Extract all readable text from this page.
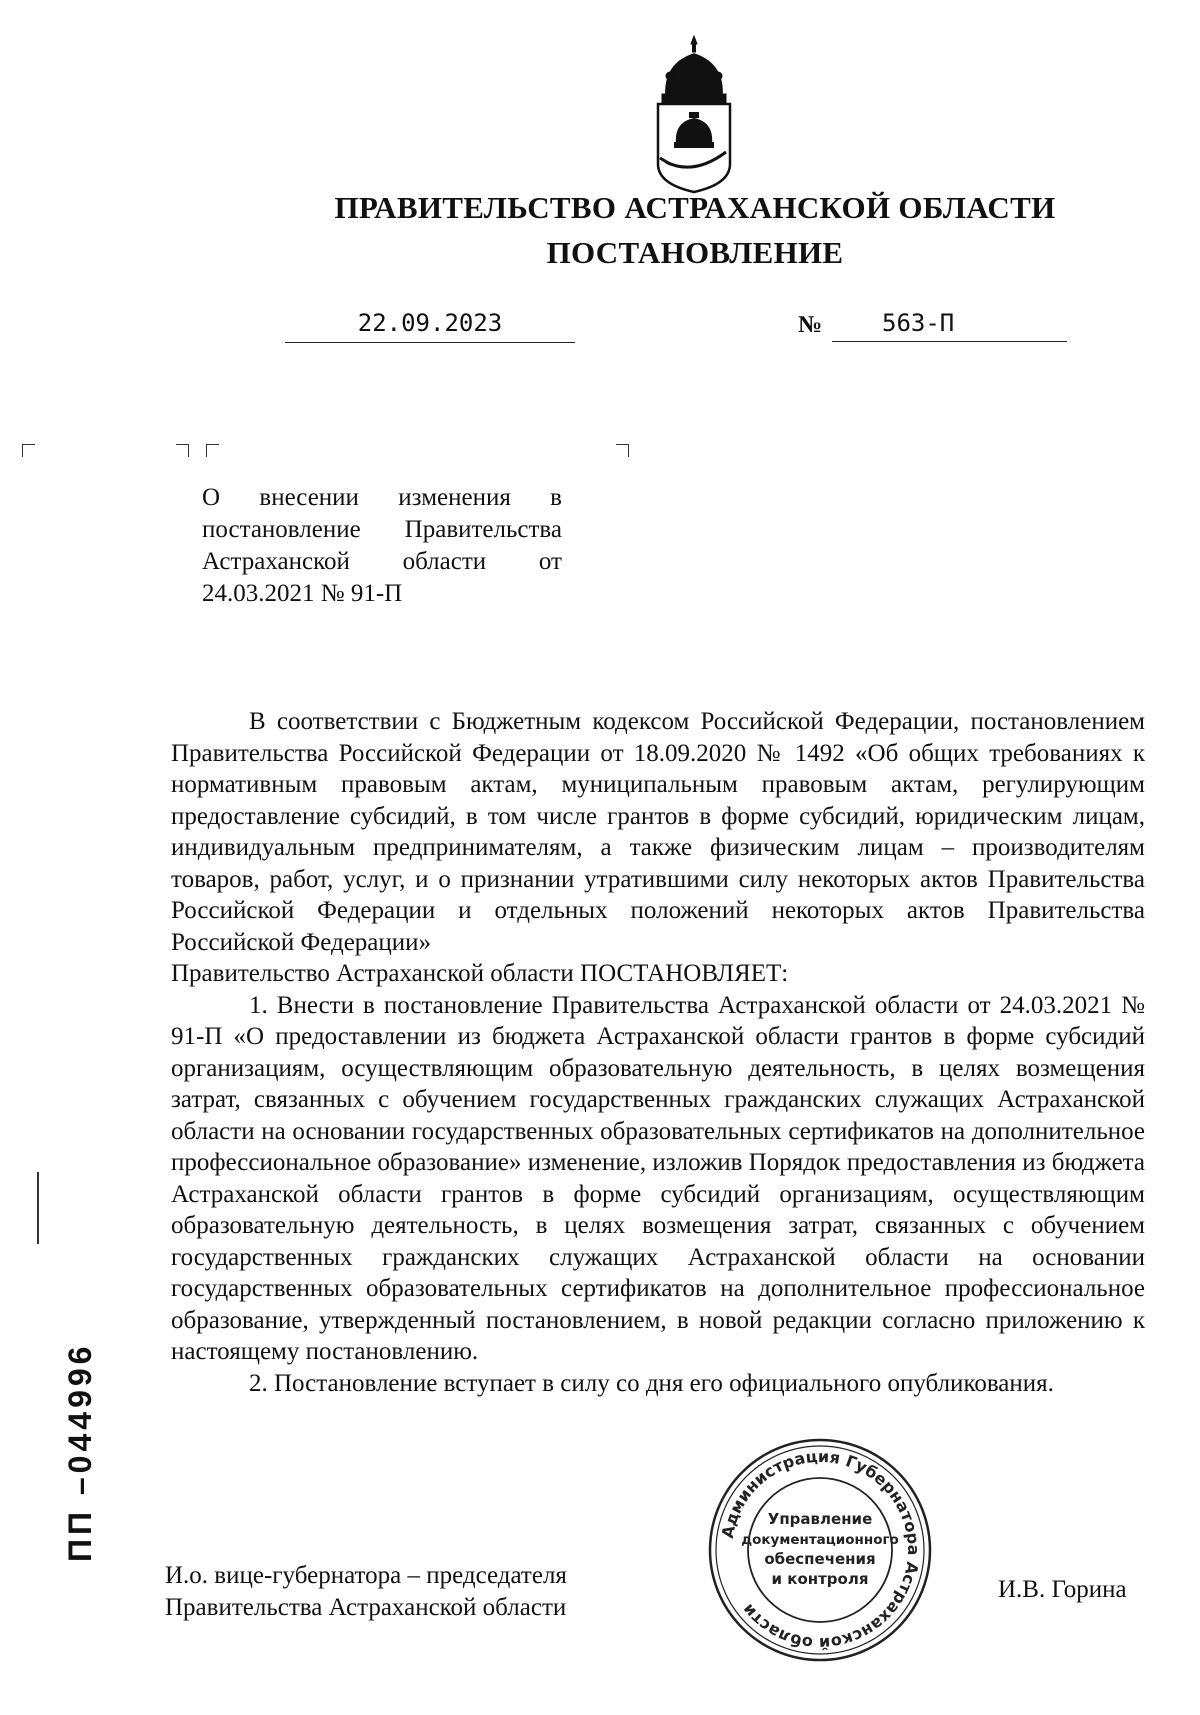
ПРАВИТЕЛЬСТВО АСТРАХАНСКОЙ ОБЛАСТИ
ПОСТАНОВЛЕНИЕ
22.09.2023	№	563-П
О внесении изменения в постановление Правительства Астраханской области от 24.03.2021 № 91-П

В соответствии с Бюджетным кодексом Российской Федерации, постановлением Правительства Российской Федерации от 18.09.2020 № 1492 «Об общих требованиях к нормативным правовым актам, муниципальным правовым актам, регулирующим предоставление субсидий, в том числе грантов в форме субсидий, юридическим лицам, индивидуальным предпринимателям, а также физическим лицам – производителям товаров, работ, услуг, и о признании утратившими силу некоторых актов Правительства Российской Федерации и отдельных положений некоторых актов Правительства Российской Федерации»

Правительство Астраханской области ПОСТАНОВЛЯЕТ:

1. Внести в постановление Правительства Астраханской области от 24.03.2021 № 91-П «О предоставлении из бюджета Астраханской области грантов в форме субсидий организациям, осуществляющим образовательную деятельность, в целях возмещения затрат, связанных с обучением государственных гражданских служащих Астраханской области на основании государственных образовательных сертификатов на дополнительное профессиональное образование» изменение, изложив Порядок предоставления из бюджета Астраханской области грантов в форме субсидий организациям, осуществляющим образовательную деятельность, в целях возмещения затрат, связанных с обучением государственных гражданских служащих Астраханской области на основании государственных образовательных сертификатов на дополнительное профессиональное образование, утвержденный постановлением, в новой редакции согласно приложению к настоящему постановлению.

2. Постановление вступает в силу со дня его официального опубликования.

И.о. вице-губернатора – председателя
Правительства Астраханской области
Администрация Губернатора Астраханской области
Управление
документационного
обеспечения
и контроля	И.В. Горина
ПП –044996
